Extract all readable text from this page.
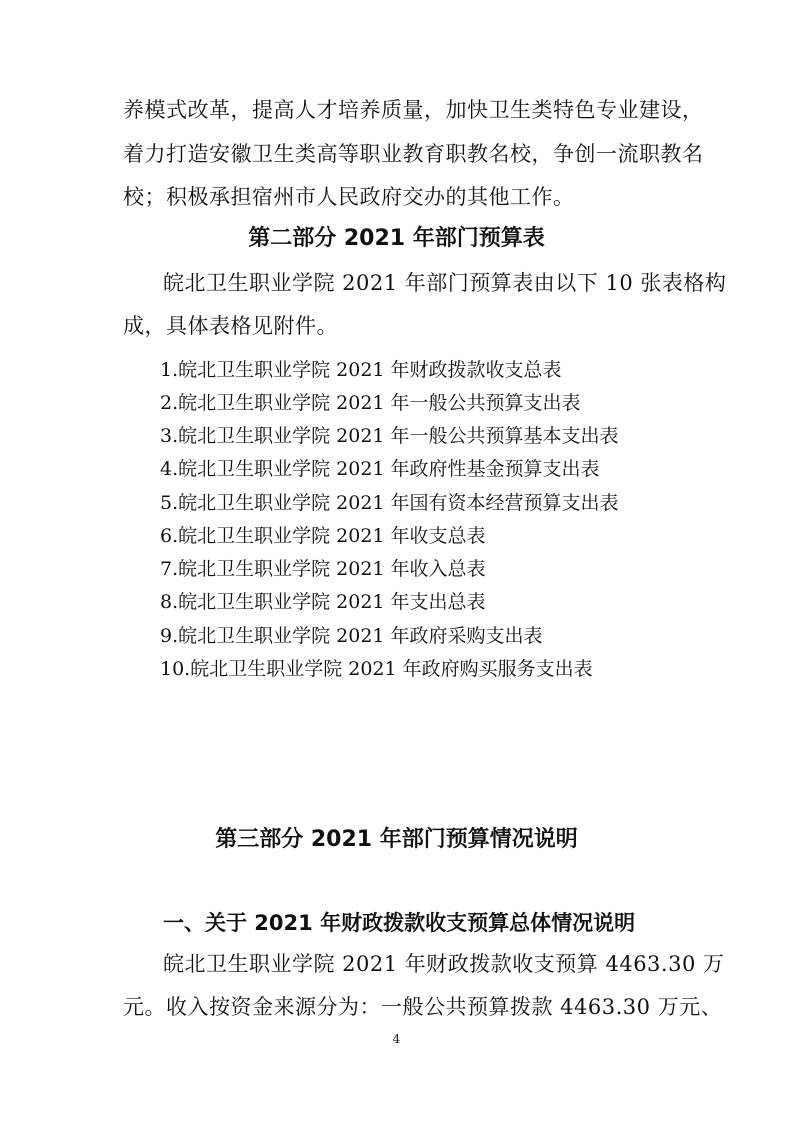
养模式改革，提高人才培养质量，加快卫生类特色专业建设，
着力打造安徽卫生类高等职业教育职教名校，争创一流职教名
校；积极承担宿州市人民政府交办的其他工作。
第二部分 2021 年部门预算表
皖北卫生职业学院 2021 年部门预算表由以下 10 张表格构
成，具体表格见附件。
1.皖北卫生职业学院 2021 年财政拨款收支总表
2.皖北卫生职业学院 2021 年一般公共预算支出表
3.皖北卫生职业学院 2021 年一般公共预算基本支出表
4.皖北卫生职业学院 2021 年政府性基金预算支出表
5.皖北卫生职业学院 2021 年国有资本经营预算支出表
6.皖北卫生职业学院 2021 年收支总表
7.皖北卫生职业学院 2021 年收入总表
8.皖北卫生职业学院 2021 年支出总表
9.皖北卫生职业学院 2021 年政府采购支出表
10.皖北卫生职业学院 2021 年政府购买服务支出表
第三部分 2021 年部门预算情况说明
一、关于 2021 年财政拨款收支预算总体情况说明
皖北卫生职业学院 2021 年财政拨款收支预算 4463.30 万
元。收入按资金来源分为：一般公共预算拨款 4463.30 万元、
4
